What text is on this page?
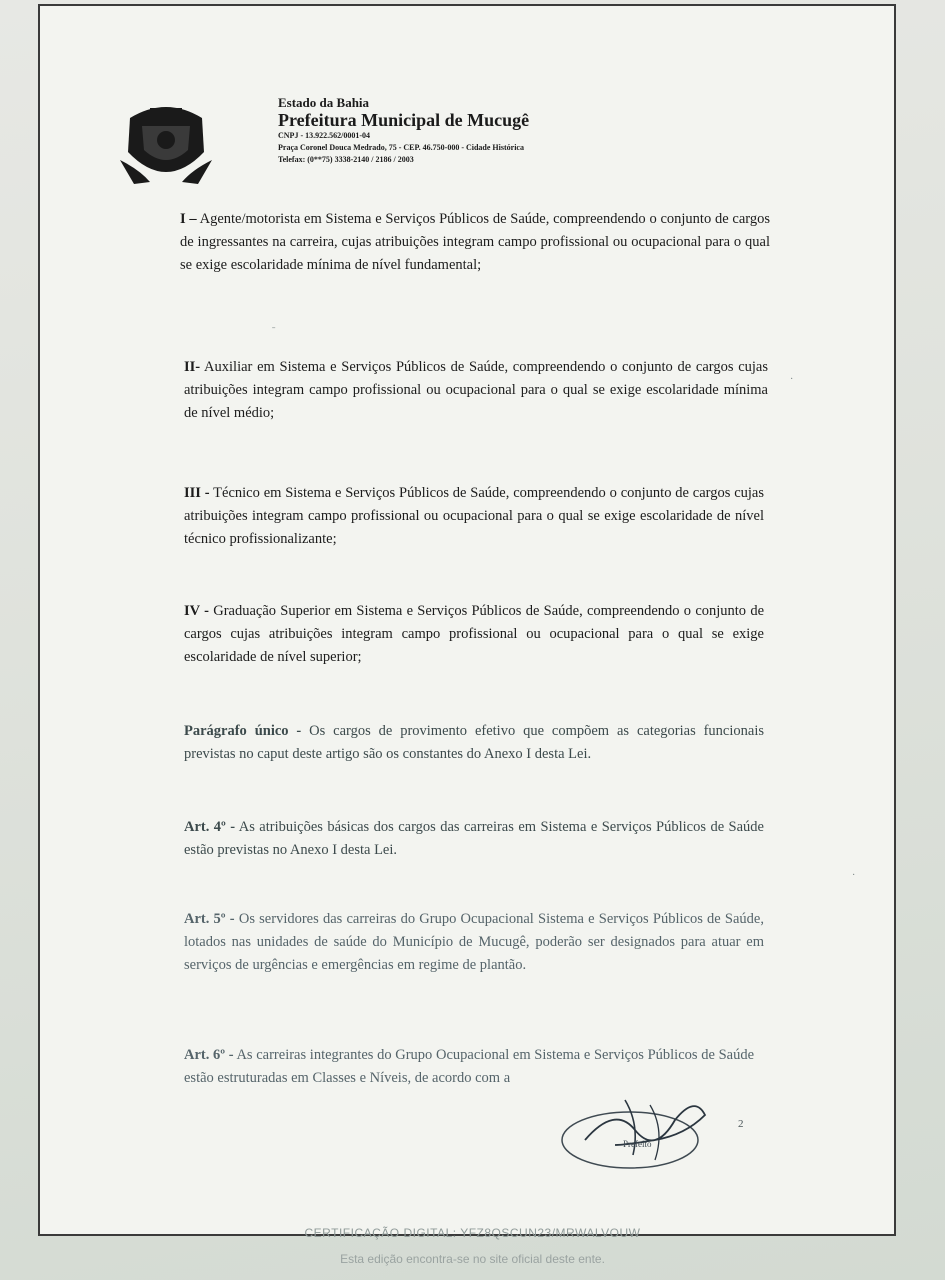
Estado da Bahia
Prefeitura Municipal de Mucugê
CNPJ - 13.922.562/0001-04
Praça Coronel Douca Medrado, 75 - CEP. 46.750-000 - Cidade Histórica
Telefax: (0**75) 3338-2140 / 2186 / 2003
I – Agente/motorista em Sistema e Serviços Públicos de Saúde, compreendendo o conjunto de cargos de ingressantes na carreira, cujas atribuições integram campo profissional ou ocupacional para o qual se exige escolaridade mínima de nível fundamental;
II- Auxiliar em Sistema e Serviços Públicos de Saúde, compreendendo o conjunto de cargos cujas atribuições integram campo profissional ou ocupacional para o qual se exige escolaridade mínima de nível médio;
III - Técnico em Sistema e Serviços Públicos de Saúde, compreendendo o conjunto de cargos cujas atribuições integram campo profissional ou ocupacional para o qual se exige escolaridade de nível técnico profissionalizante;
IV - Graduação Superior em Sistema e Serviços Públicos de Saúde, compreendendo o conjunto de cargos cujas atribuições integram campo profissional ou ocupacional para o qual se exige escolaridade de nível superior;
Parágrafo único - Os cargos de provimento efetivo que compõem as categorias funcionais previstas no caput deste artigo são os constantes do Anexo I desta Lei.
Art. 4º - As atribuições básicas dos cargos das carreiras em Sistema e Serviços Públicos de Saúde estão previstas no Anexo I desta Lei.
Art. 5º - Os servidores das carreiras do Grupo Ocupacional Sistema e Serviços Públicos de Saúde, lotados nas unidades de saúde do Município de Mucugê, poderão ser designados para atuar em serviços de urgências e emergências em regime de plantão.
Art. 6º - As carreiras integrantes do Grupo Ocupacional em Sistema e Serviços Públicos de Saúde estão estruturadas em Classes e Níveis, de acordo com a
Prefeito
2
CERTIFICAÇÃO DIGITAL: YFZ8QSCUN23/MRWALVOUW
Esta edição encontra-se no site oficial deste ente.
˗
·
·
